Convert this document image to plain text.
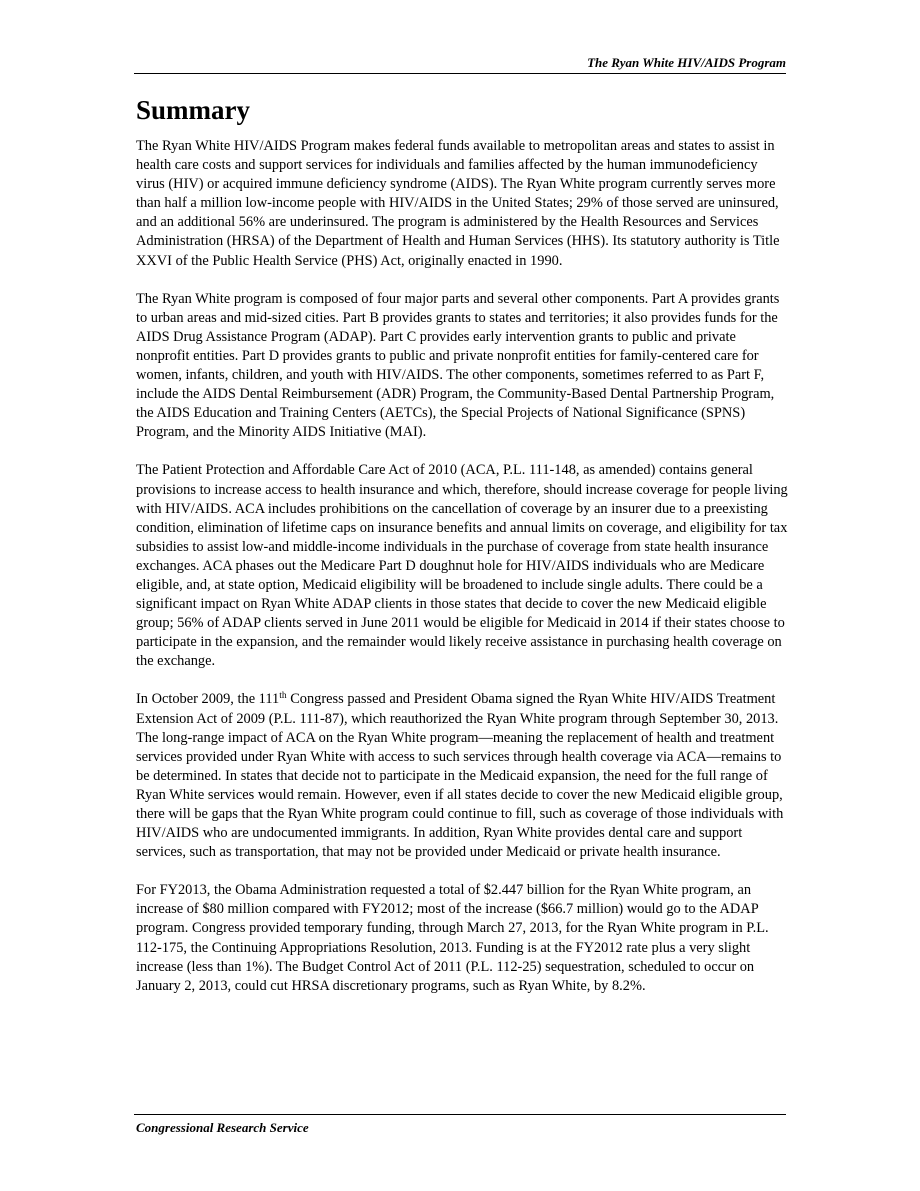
The Ryan White HIV/AIDS Program
Summary

The Ryan White HIV/AIDS Program makes federal funds available to metropolitan areas and states to assist in health care costs and support services for individuals and families affected by the human immunodeficiency virus (HIV) or acquired immune deficiency syndrome (AIDS). The Ryan White program currently serves more than half a million low-income people with HIV/AIDS in the United States; 29% of those served are uninsured, and an additional 56% are underinsured. The program is administered by the Health Resources and Services Administration (HRSA) of the Department of Health and Human Services (HHS). Its statutory authority is Title XXVI of the Public Health Service (PHS) Act, originally enacted in 1990.

The Ryan White program is composed of four major parts and several other components. Part A provides grants to urban areas and mid-sized cities. Part B provides grants to states and territories; it also provides funds for the AIDS Drug Assistance Program (ADAP). Part C provides early intervention grants to public and private nonprofit entities. Part D provides grants to public and private nonprofit entities for family-centered care for women, infants, children, and youth with HIV/AIDS. The other components, sometimes referred to as Part F, include the AIDS Dental Reimbursement (ADR) Program, the Community-Based Dental Partnership Program, the AIDS Education and Training Centers (AETCs), the Special Projects of National Significance (SPNS) Program, and the Minority AIDS Initiative (MAI).

The Patient Protection and Affordable Care Act of 2010 (ACA, P.L. 111-148, as amended) contains general provisions to increase access to health insurance and which, therefore, should increase coverage for people living with HIV/AIDS. ACA includes prohibitions on the cancellation of coverage by an insurer due to a preexisting condition, elimination of lifetime caps on insurance benefits and annual limits on coverage, and eligibility for tax subsidies to assist low-and middle-income individuals in the purchase of coverage from state health insurance exchanges. ACA phases out the Medicare Part D doughnut hole for HIV/AIDS individuals who are Medicare eligible, and, at state option, Medicaid eligibility will be broadened to include single adults. There could be a significant impact on Ryan White ADAP clients in those states that decide to cover the new Medicaid eligible group; 56% of ADAP clients served in June 2011 would be eligible for Medicaid in 2014 if their states choose to participate in the expansion, and the remainder would likely receive assistance in purchasing health coverage on the exchange.

In October 2009, the 111th Congress passed and President Obama signed the Ryan White HIV/AIDS Treatment Extension Act of 2009 (P.L. 111-87), which reauthorized the Ryan White program through September 30, 2013. The long-range impact of ACA on the Ryan White program—meaning the replacement of health and treatment services provided under Ryan White with access to such services through health coverage via ACA—remains to be determined. In states that decide not to participate in the Medicaid expansion, the need for the full range of Ryan White services would remain. However, even if all states decide to cover the new Medicaid eligible group, there will be gaps that the Ryan White program could continue to fill, such as coverage of those individuals with HIV/AIDS who are undocumented immigrants. In addition, Ryan White provides dental care and support services, such as transportation, that may not be provided under Medicaid or private health insurance.

For FY2013, the Obama Administration requested a total of $2.447 billion for the Ryan White program, an increase of $80 million compared with FY2012; most of the increase ($66.7 million) would go to the ADAP program. Congress provided temporary funding, through March 27, 2013, for the Ryan White program in P.L. 112-175, the Continuing Appropriations Resolution, 2013. Funding is at the FY2012 rate plus a very slight increase (less than 1%). The Budget Control Act of 2011 (P.L. 112-25) sequestration, scheduled to occur on January 2, 2013, could cut HRSA discretionary programs, such as Ryan White, by 8.2%.

Congressional Research Service
